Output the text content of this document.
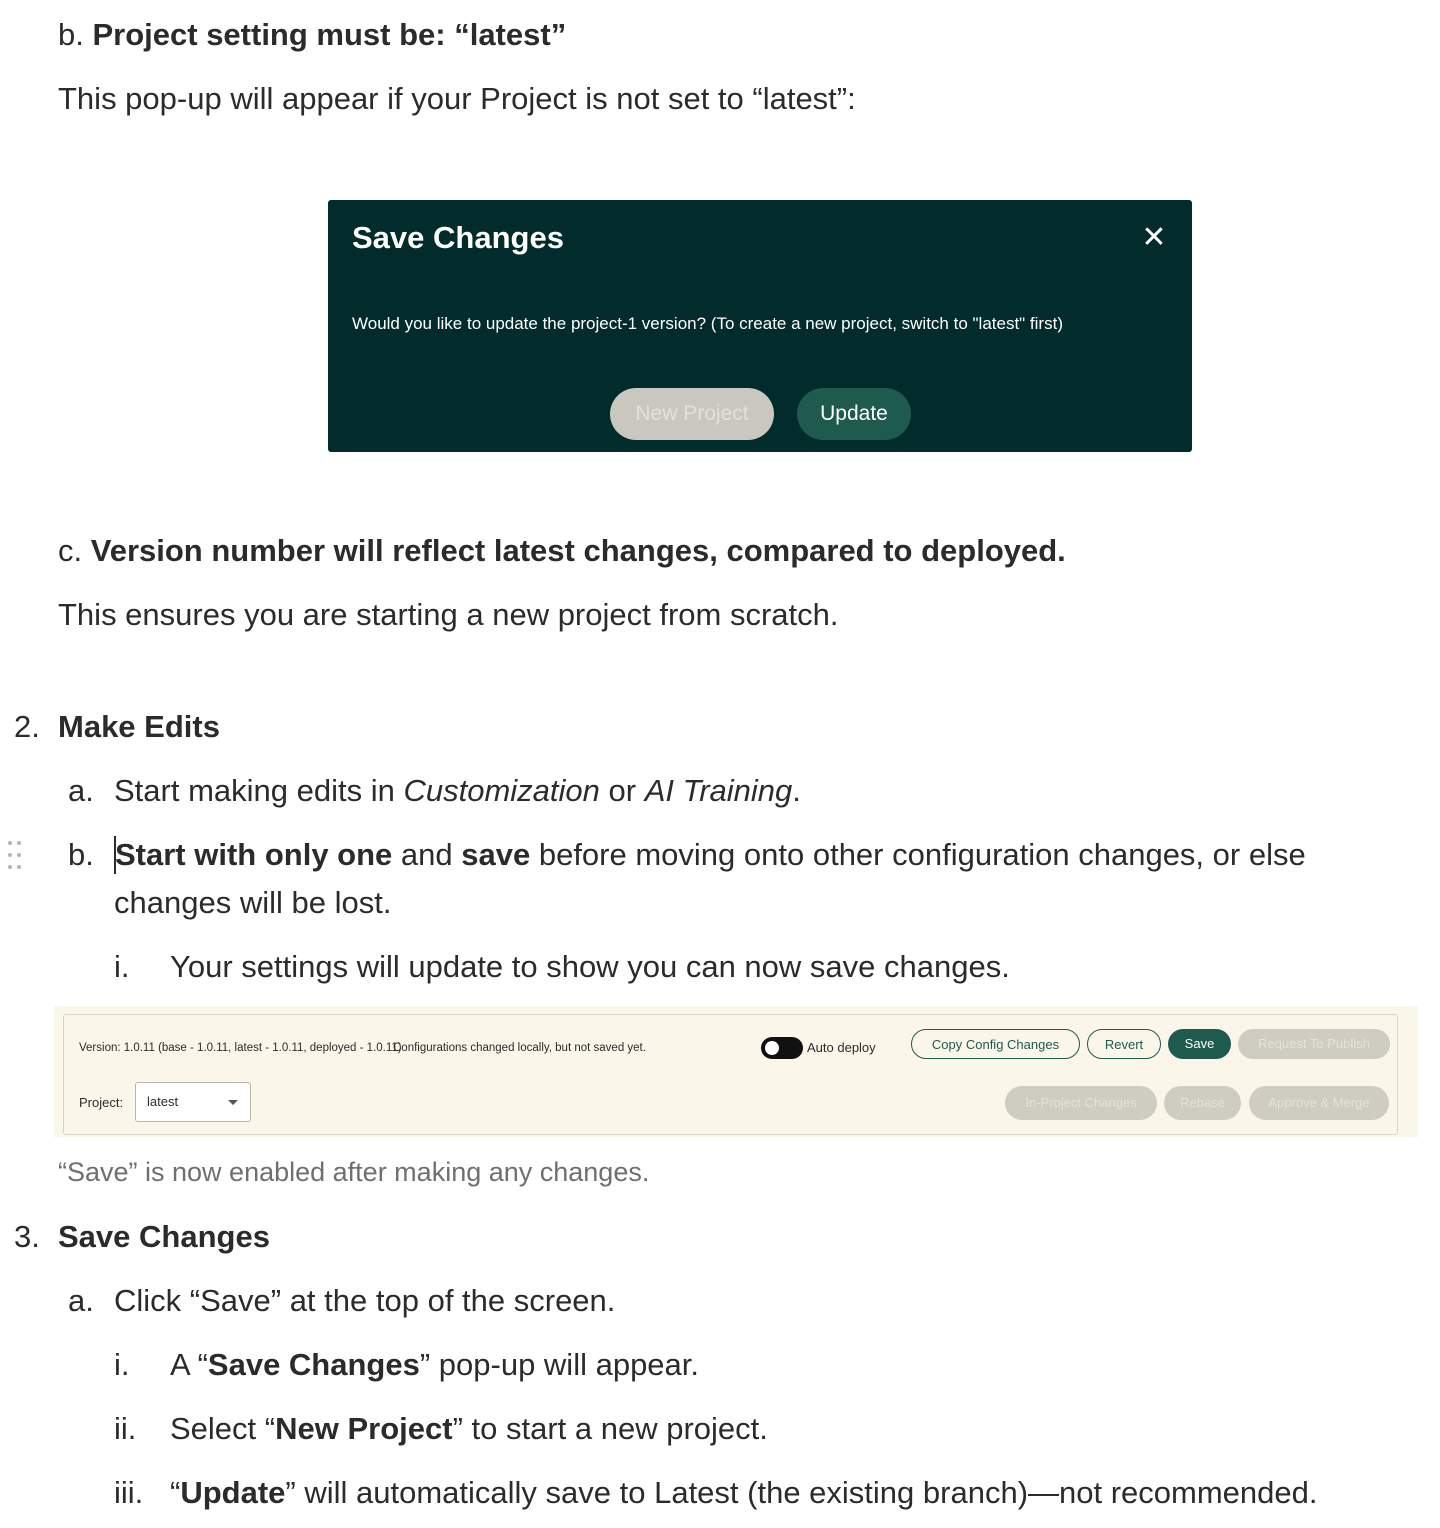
b. Project setting must be: “latest”
This pop-up will appear if your Project is not set to “latest”:
Save Changes	✕
Would you like to update the project-1 version? (To create a new project, switch to "latest" first)
New Project	Update
c. Version number will reflect latest changes, compared to deployed.
This ensures you are starting a new project from scratch.
2. Make Edits
a. Start making edits in Customization or AI Training.
b. Start with only one and save before moving onto other configuration changes, or else
changes will be lost.
i. Your settings will update to show you can now save changes.
Version: 1.0.11 (base - 1.0.11, latest - 1.0.11, deployed - 1.0.11)
Configurations changed locally, but not saved yet.	Auto deploy	Copy Config Changes	Revert	Save	Request To Publish
Project: latest	In-Project Changes	Rebase	Approve & Merge
“Save” is now enabled after making any changes.
3. Save Changes
a. Click “Save” at the top of the screen.
i. A “Save Changes” pop-up will appear.
ii. Select “New Project” to start a new project.
iii. “Update” will automatically save to Latest (the existing branch)—not recommended.
